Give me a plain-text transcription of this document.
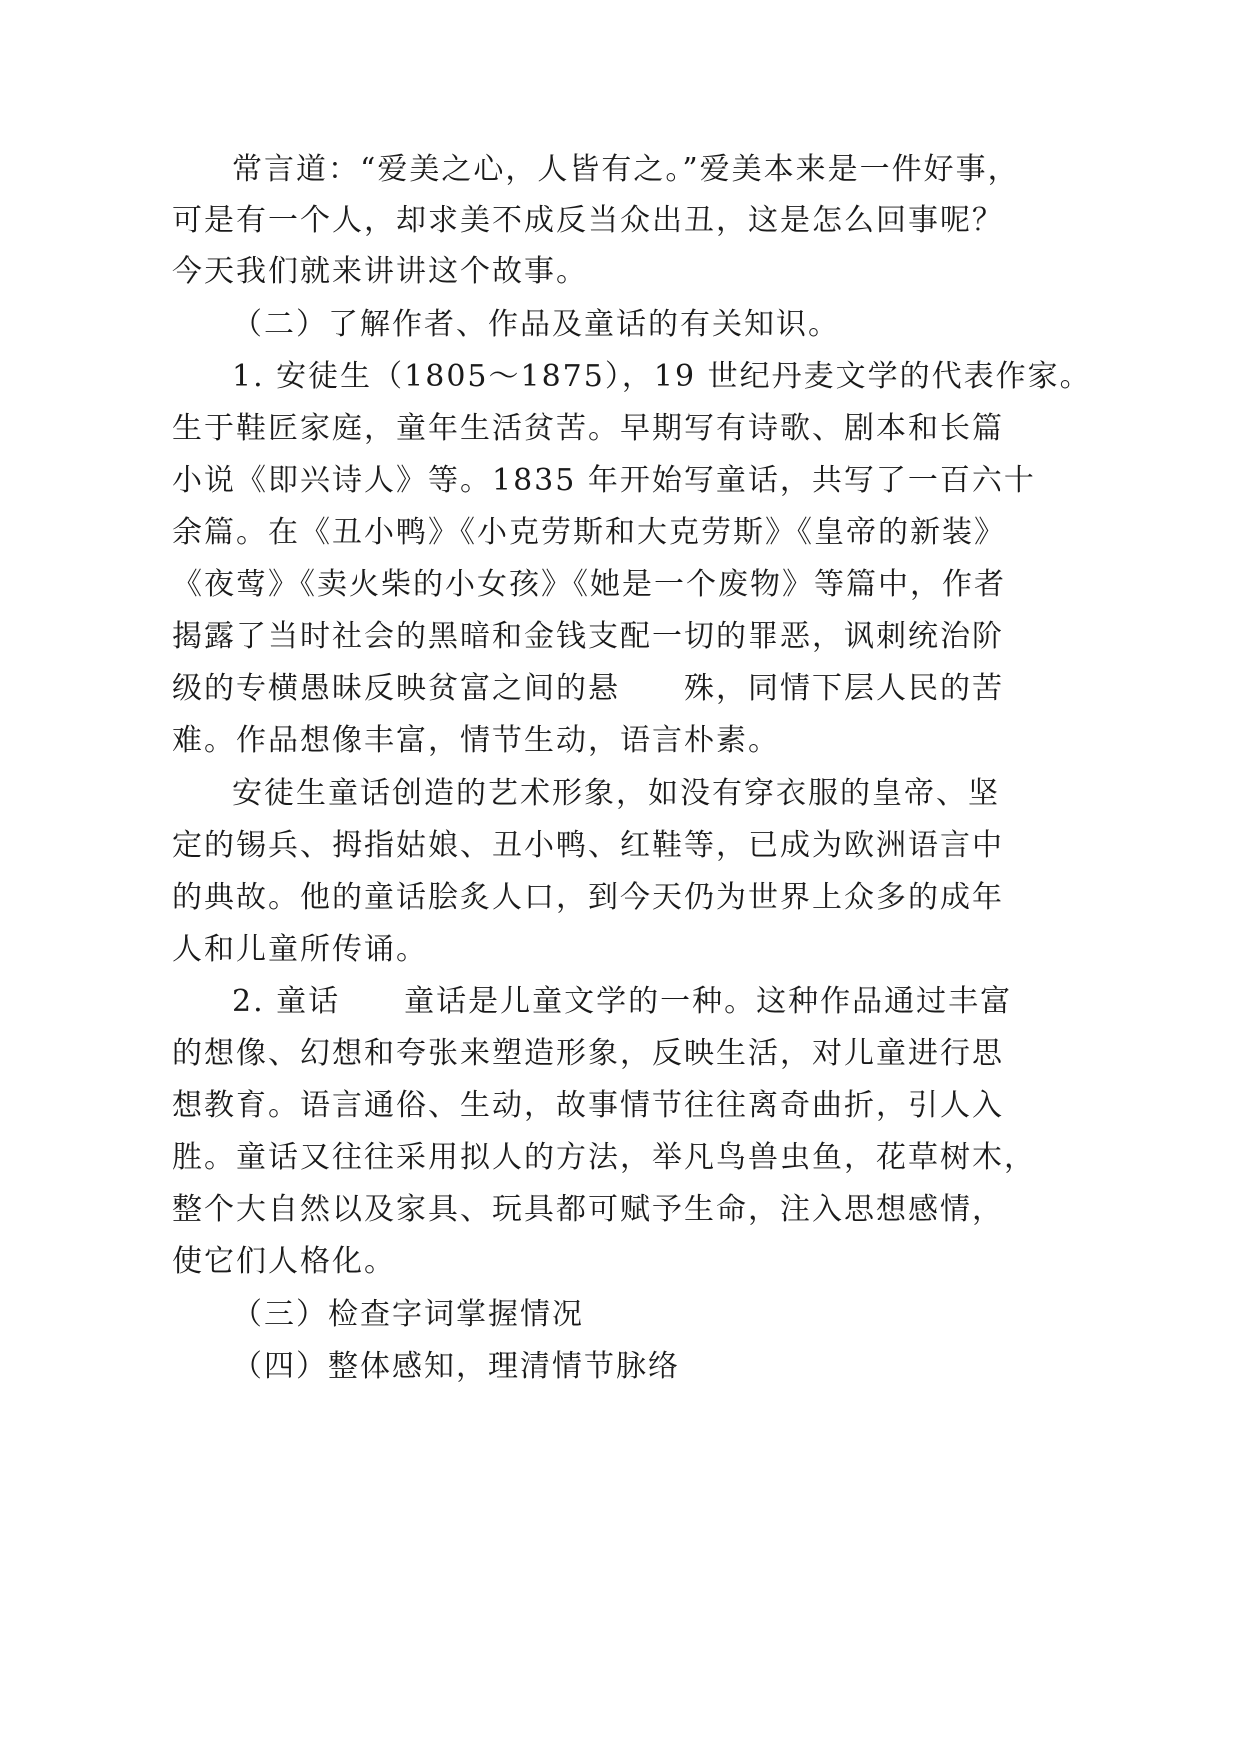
常言道：“爱美之心，人皆有之。”爱美本来是一件好事，
可是有一个人，却求美不成反当众出丑，这是怎么回事呢？
今天我们就来讲讲这个故事。
（二）了解作者、作品及童话的有关知识。
1. 安徒生（1805～1875），19 世纪丹麦文学的代表作家。
生于鞋匠家庭，童年生活贫苦。早期写有诗歌、剧本和长篇
小说《即兴诗人》等。1835 年开始写童话，共写了一百六十
余篇。在《丑小鸭》《小克劳斯和大克劳斯》《皇帝的新装》
《夜莺》《卖火柴的小女孩》《她是一个废物》等篇中，作者
揭露了当时社会的黑暗和金钱支配一切的罪恶，讽刺统治阶
级的专横愚昧反映贫富之间的悬　　殊，同情下层人民的苦
难。作品想像丰富，情节生动，语言朴素。
安徒生童话创造的艺术形象，如没有穿衣服的皇帝、坚
定的锡兵、拇指姑娘、丑小鸭、红鞋等，已成为欧洲语言中
的典故。他的童话脍炙人口，到今天仍为世界上众多的成年
人和儿童所传诵。
2. 童话　　童话是儿童文学的一种。这种作品通过丰富
的想像、幻想和夸张来塑造形象，反映生活，对儿童进行思
想教育。语言通俗、生动，故事情节往往离奇曲折，引人入
胜。童话又往往采用拟人的方法，举凡鸟兽虫鱼，花草树木，
整个大自然以及家具、玩具都可赋予生命，注入思想感情，
使它们人格化。
（三）检查字词掌握情况
（四）整体感知，理清情节脉络
